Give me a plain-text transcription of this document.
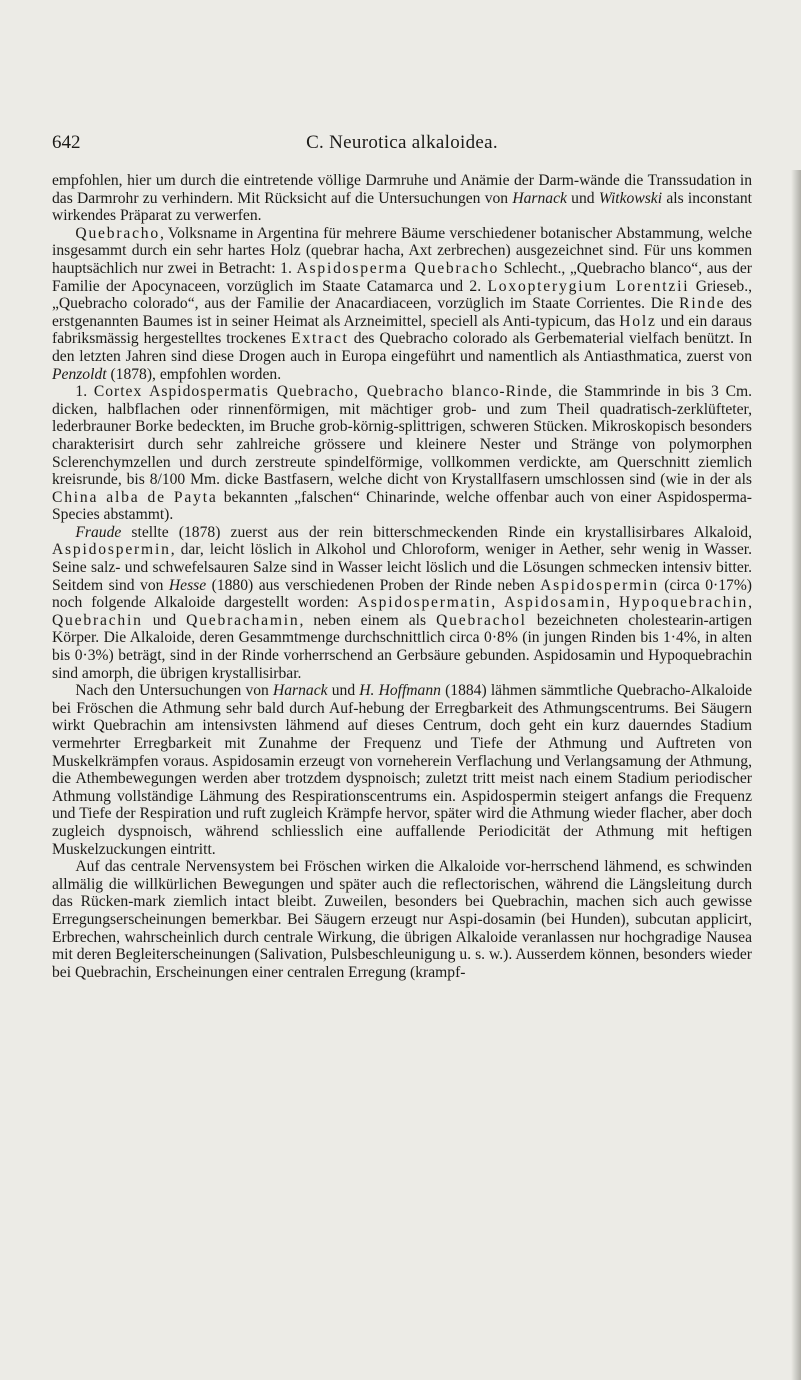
642	C. Neurotica alkaloidea.

empfohlen, hier um durch die eintretende völlige Darmruhe und Anämie der Darm-wände die Transsudation in das Darmrohr zu verhindern. Mit Rücksicht auf die Untersuchungen von Harnack und Witkowski als inconstant wirkendes Präparat zu verwerfen.

Quebracho, Volksname in Argentina für mehrere Bäume verschiedener botanischer Abstammung, welche insgesammt durch ein sehr hartes Holz (quebrar hacha, Axt zerbrechen) ausgezeichnet sind. Für uns kommen hauptsächlich nur zwei in Betracht: 1. Aspidosperma Quebracho Schlecht., „Quebracho blanco“, aus der Familie der Apocynaceen, vorzüglich im Staate Catamarca und 2. Loxopterygium Lorentzii Grieseb., „Quebracho colorado“, aus der Familie der Anacardiaceen, vorzüglich im Staate Corrientes. Die Rinde des erstgenannten Baumes ist in seiner Heimat als Arzneimittel, speciell als Anti-typicum, das Holz und ein daraus fabriksmässig hergestelltes trockenes Extract des Quebracho colorado als Gerbematerial vielfach benützt. In den letzten Jahren sind diese Drogen auch in Europa eingeführt und namentlich als Antiasthmatica, zuerst von Penzoldt (1878), empfohlen worden.

1. Cortex Aspidospermatis Quebracho, Quebracho blanco-Rinde, die Stammrinde in bis 3 Cm. dicken, halbflachen oder rinnenförmigen, mit mächtiger grob- und zum Theil quadratisch-zerklüfteter, lederbrauner Borke bedeckten, im Bruche grob-körnig-splittrigen, schweren Stücken. Mikroskopisch besonders charakterisirt durch sehr zahlreiche grössere und kleinere Nester und Stränge von polymorphen Sclerenchymzellen und durch zerstreute spindelförmige, vollkommen verdickte, am Querschnitt ziemlich kreisrunde, bis 8/100 Mm. dicke Bastfasern, welche dicht von Krystallfasern umschlossen sind (wie in der als China alba de Payta bekannten „falschen“ Chinarinde, welche offenbar auch von einer Aspidosperma-Species abstammt).

Fraude stellte (1878) zuerst aus der rein bitterschmeckenden Rinde ein krystallisirbares Alkaloid, Aspidospermin, dar, leicht löslich in Alkohol und Chloroform, weniger in Aether, sehr wenig in Wasser. Seine salz- und schwefelsauren Salze sind in Wasser leicht löslich und die Lösungen schmecken intensiv bitter. Seitdem sind von Hesse (1880) aus verschiedenen Proben der Rinde neben Aspidospermin (circa 0·17%) noch folgende Alkaloide dargestellt worden: Aspidospermatin, Aspidosamin, Hypoquebrachin, Quebrachin und Quebrachamin, neben einem als Quebrachol bezeichneten cholestearin-artigen Körper. Die Alkaloide, deren Gesammtmenge durchschnittlich circa 0·8% (in jungen Rinden bis 1·4%, in alten bis 0·3%) beträgt, sind in der Rinde vorherrschend an Gerbsäure gebunden. Aspidosamin und Hypoquebrachin sind amorph, die übrigen krystallisirbar.

Nach den Untersuchungen von Harnack und H. Hoffmann (1884) lähmen sämmtliche Quebracho-Alkaloide bei Fröschen die Athmung sehr bald durch Auf-hebung der Erregbarkeit des Athmungscentrums. Bei Säugern wirkt Quebrachin am intensivsten lähmend auf dieses Centrum, doch geht ein kurz dauerndes Stadium vermehrter Erregbarkeit mit Zunahme der Frequenz und Tiefe der Athmung und Auftreten von Muskelkrämpfen voraus. Aspidosamin erzeugt von vorneherein Verflachung und Verlangsamung der Athmung, die Athembewegungen werden aber trotzdem dyspnoisch; zuletzt tritt meist nach einem Stadium periodischer Athmung vollständige Lähmung des Respirationscentrums ein. Aspidospermin steigert anfangs die Frequenz und Tiefe der Respiration und ruft zugleich Krämpfe hervor, später wird die Athmung wieder flacher, aber doch zugleich dyspnoisch, während schliesslich eine auffallende Periodicität der Athmung mit heftigen Muskelzuckungen eintritt.

Auf das centrale Nervensystem bei Fröschen wirken die Alkaloide vor-herrschend lähmend, es schwinden allmälig die willkürlichen Bewegungen und später auch die reflectorischen, während die Längsleitung durch das Rücken-mark ziemlich intact bleibt. Zuweilen, besonders bei Quebrachin, machen sich auch gewisse Erregungserscheinungen bemerkbar. Bei Säugern erzeugt nur Aspi-dosamin (bei Hunden), subcutan applicirt, Erbrechen, wahrscheinlich durch centrale Wirkung, die übrigen Alkaloide veranlassen nur hochgradige Nausea mit deren Begleiterscheinungen (Salivation, Pulsbeschleunigung u. s. w.). Ausserdem können, besonders wieder bei Quebrachin, Erscheinungen einer centralen Erregung (krampf-
